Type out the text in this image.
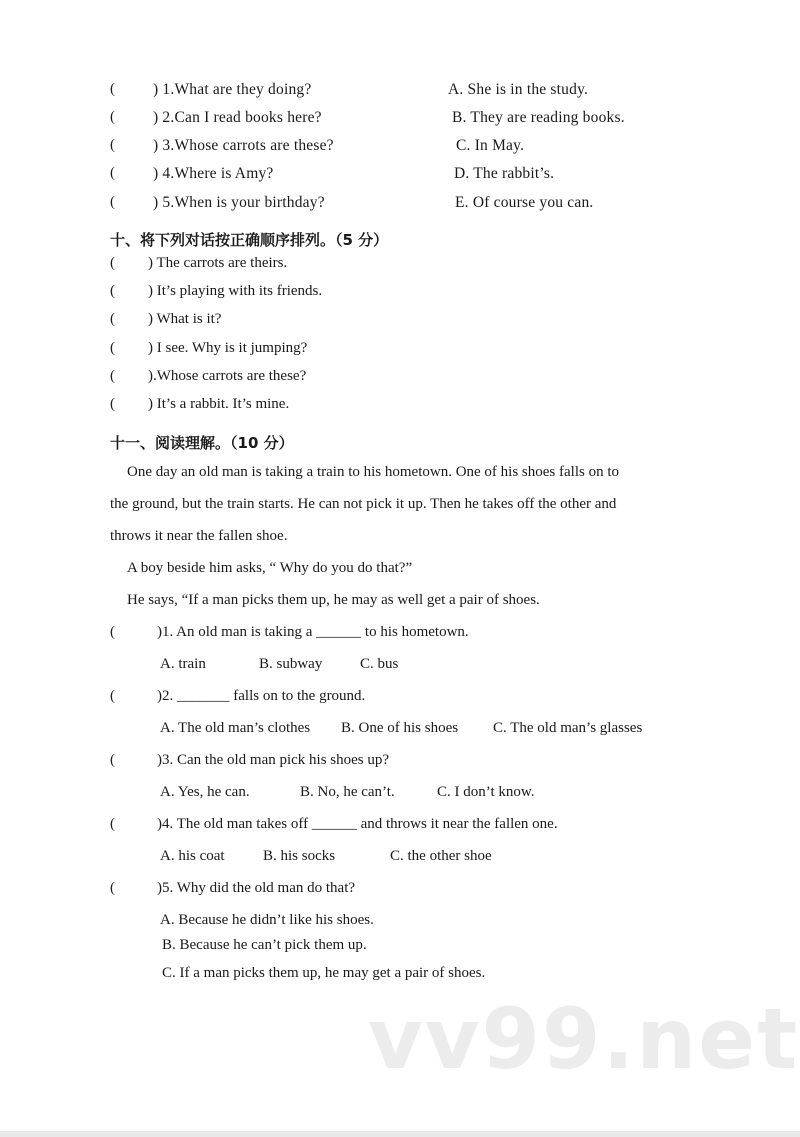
( ) 1.What are they doing?	A. She is in the study.
( ) 2.Can I read books here?	B. They are reading books.
( ) 3.Whose carrots are these?	C. In May.
( ) 4.Where is Amy?	D. The rabbit’s.
( ) 5.When is your birthday?	E. Of course you can.
十、将下列对话按正确顺序排列。（5 分）
( ) The carrots are theirs.
( ) It’s playing with its friends.
( ) What is it?
( ) I see. Why is it jumping?
( ).Whose carrots are these?
( ) It’s a rabbit. It’s mine.
十一、阅读理解。（10 分）
One day an old man is taking a train to his hometown. One of his shoes falls on to
the ground, but the train starts. He can not pick it up. Then he takes off the other and
throws it near the fallen shoe.
A boy beside him asks, “ Why do you do that?”
He says, “If a man picks them up, he may as well get a pair of shoes.
(	)1. An old man is taking a ______ to his hometown.
A. train	B. subway	C. bus
(	)2. _______ falls on to the ground.
A. The old man’s clothes B. One of his shoes C. The old man’s glasses
(	)3. Can the old man pick his shoes up?
A. Yes, he can.	B. No, he can’t.	C. I don’t know.
(	)4. The old man takes off ______ and throws it near the fallen one.
A. his coat	B. his socks	C. the other shoe
(	)5. Why did the old man do that?
A. Because he didn’t like his shoes.
B. Because he can’t pick them up.
C. If a man picks them up, he may get a pair of shoes.
vv99.net
